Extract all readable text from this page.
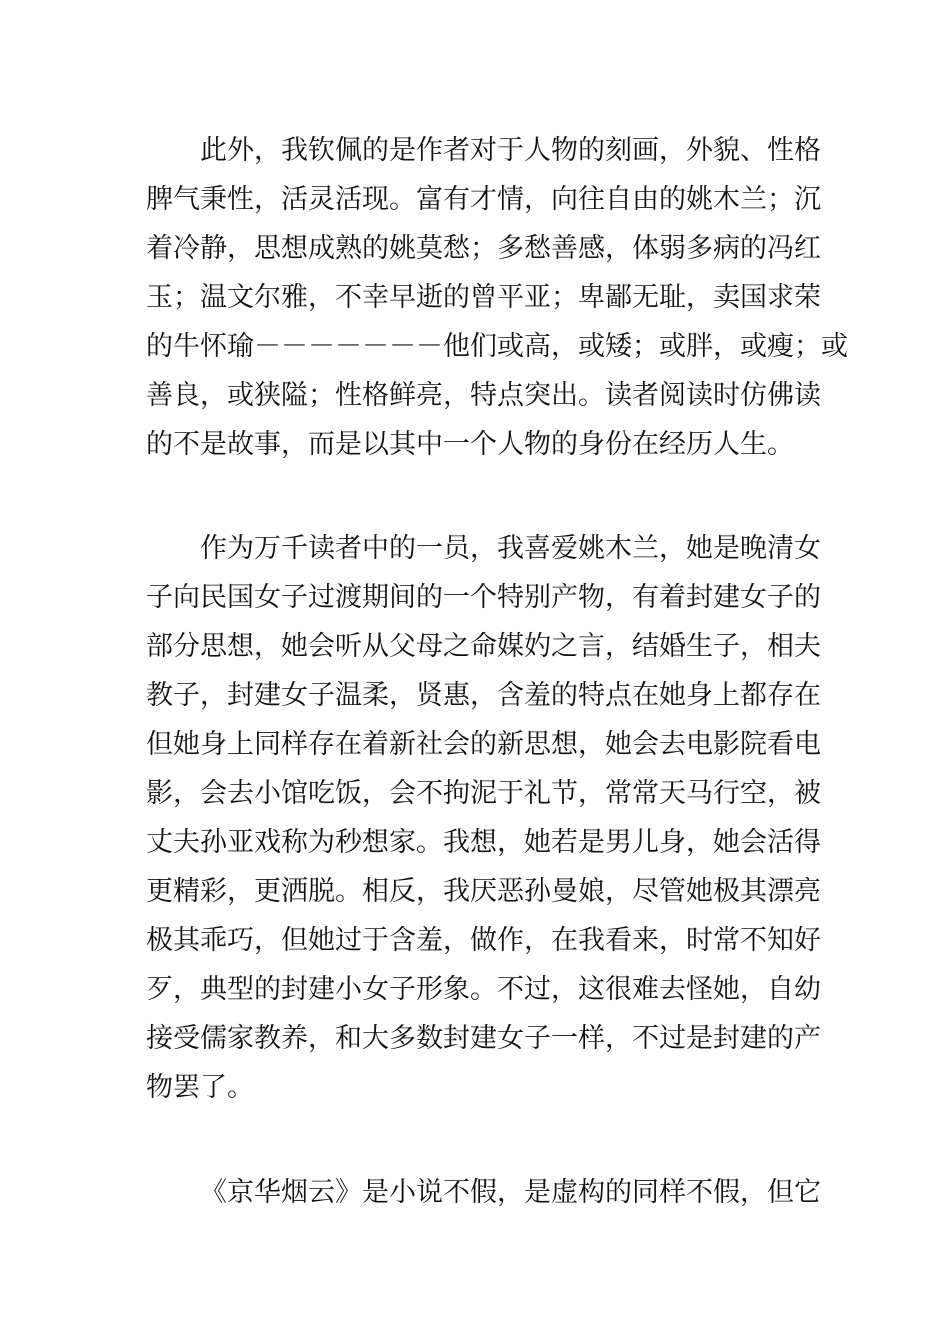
此外，我钦佩的是作者对于人物的刻画，外貌、性格
脾气秉性，活灵活现。富有才情，向往自由的姚木兰；沉
着冷静，思想成熟的姚莫愁；多愁善感，体弱多病的冯红
玉；温文尔雅，不幸早逝的曾平亚；卑鄙无耻，卖国求荣
的牛怀瑜－－－－－－－他们或高，或矮；或胖，或瘦；或
善良，或狭隘；性格鲜亮，特点突出。读者阅读时仿佛读
的不是故事，而是以其中一个人物的身份在经历人生。
作为万千读者中的一员，我喜爱姚木兰，她是晚清女
子向民国女子过渡期间的一个特别产物，有着封建女子的
部分思想，她会听从父母之命媒妁之言，结婚生子，相夫
教子，封建女子温柔，贤惠，含羞的特点在她身上都存在
但她身上同样存在着新社会的新思想，她会去电影院看电
影，会去小馆吃饭，会不拘泥于礼节，常常天马行空，被
丈夫孙亚戏称为秒想家。我想，她若是男儿身，她会活得
更精彩，更洒脱。相反，我厌恶孙曼娘，尽管她极其漂亮
极其乖巧，但她过于含羞，做作，在我看来，时常不知好
歹，典型的封建小女子形象。不过，这很难去怪她，自幼
接受儒家教养，和大多数封建女子一样，不过是封建的产
物罢了。
《京华烟云》是小说不假，是虚构的同样不假，但它
